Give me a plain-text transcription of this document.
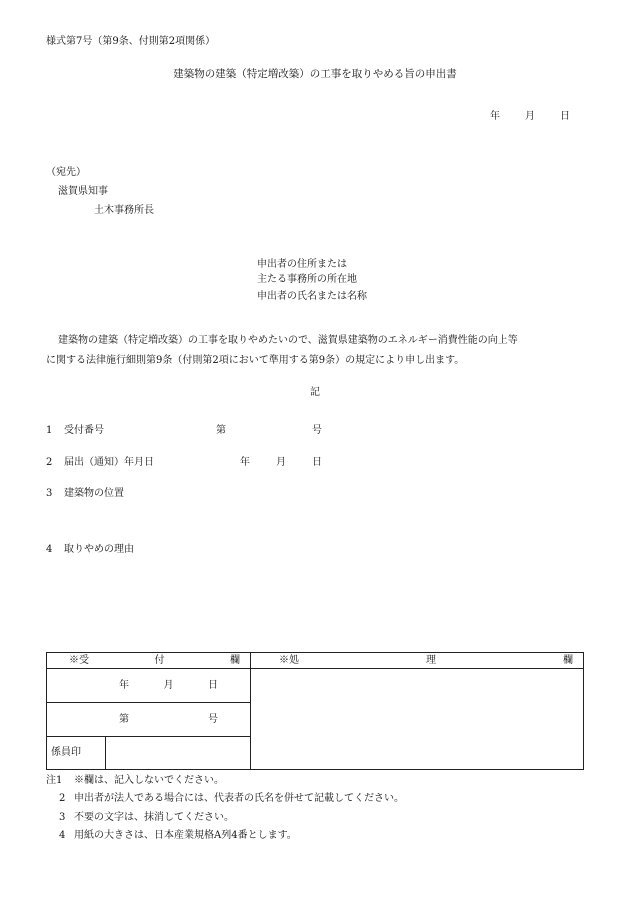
様式第7号（第9条、付則第2項関係）
建築物の建築（特定増改築）の工事を取りやめる旨の申出書
年	月	日
（宛先）
滋賀県知事
土木事務所長
申出者の住所または
主たる事務所の所在地
申出者の氏名または名称
建築物の建築（特定増改築）の工事を取りやめたいので、滋賀県建築物のエネルギー消費性能の向上等
に関する法律施行細則第9条（付則第2項において準用する第9条）の規定により申し出ます。
記
1 受付番号	第	号
2 届出（通知）年月日	年	月	日
3 建築物の位置
4 取りやめの理由
※受 付 欄		※処 理 欄

年 月 日		

第 号		

係員印		
注1 ※欄は、記入しないでください。
2 申出者が法人である場合には、代表者の氏名を併せて記載してください。
3 不要の文字は、抹消してください。
4 用紙の大きさは、日本産業規格A列4番とします。
